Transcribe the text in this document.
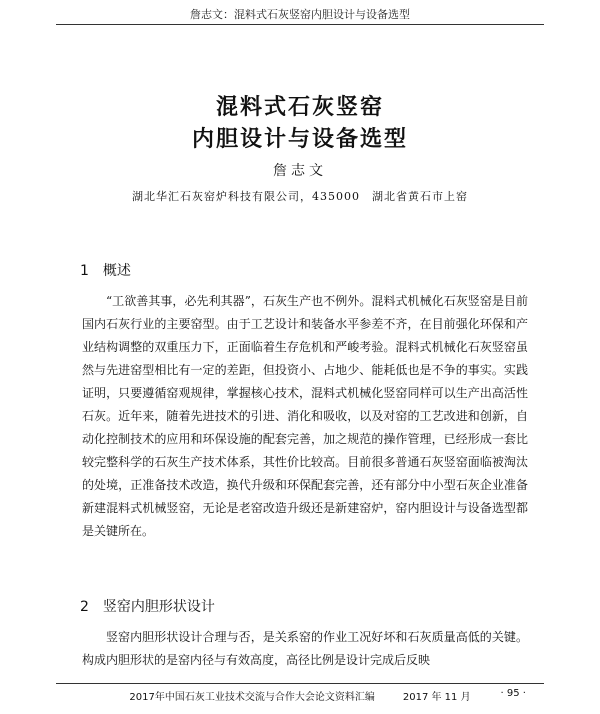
詹志文：混料式石灰竖窑内胆设计与设备选型
混料式石灰竖窑
内胆设计与设备选型
詹志文
湖北华汇石灰窑炉科技有限公司，435000　湖北省黄石市上窑
1 概述

“工欲善其事，必先利其器”，石灰生产也不例外。混料式机械化石灰竖窑是目前国内石灰行业的主要窑型。由于工艺设计和装备水平参差不齐，在目前强化环保和产业结构调整的双重压力下，正面临着生存危机和严峻考验。混料式机械化石灰竖窑虽然与先进窑型相比有一定的差距，但投资小、占地少、能耗低也是不争的事实。实践证明，只要遵循窑观规律，掌握核心技术，混料式机械化竖窑同样可以生产出高活性石灰。近年来，随着先进技术的引进、消化和吸收，以及对窑的工艺改进和创新，自动化控制技术的应用和环保设施的配套完善，加之规范的操作管理，已经形成一套比较完整科学的石灰生产技术体系，其性价比较高。目前很多普通石灰竖窑面临被淘汰的处境，正准备技术改造，换代升级和环保配套完善，还有部分中小型石灰企业准备新建混料式机械竖窑，无论是老窑改造升级还是新建窑炉，窑内胆设计与设备选型都是关键所在。

2 竖窑内胆形状设计

竖窑内胆形状设计合理与否，是关系窑的作业工况好坏和石灰质量高低的关键。构成内胆形状的是窑内径与有效高度，高径比例是设计完成后反映

2017年中国石灰工业技术交流与合作大会论文资料汇编	2017 年 11 月	· 95 ·
